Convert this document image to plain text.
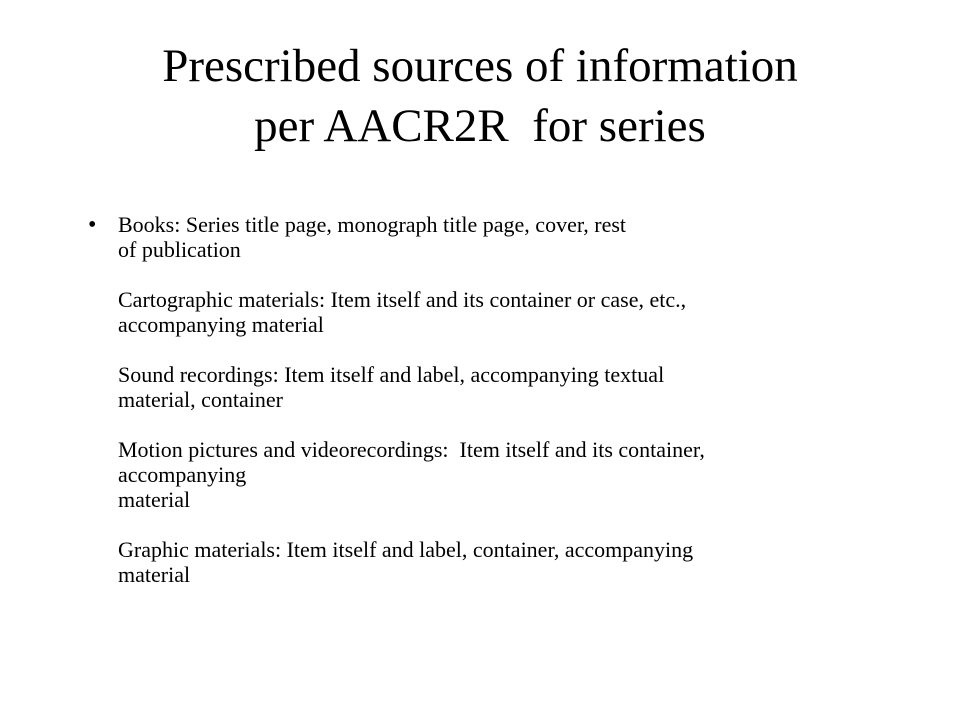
Prescribed sources of information
per AACR2R  for series
• Books: Series title page, monograph title page, cover, rest
of publication
Cartographic materials: Item itself and its container or case, etc.,
accompanying material
Sound recordings: Item itself and label, accompanying textual
material, container
Motion pictures and videorecordings:  Item itself and its container,
accompanying
material
Graphic materials: Item itself and label, container, accompanying
material
